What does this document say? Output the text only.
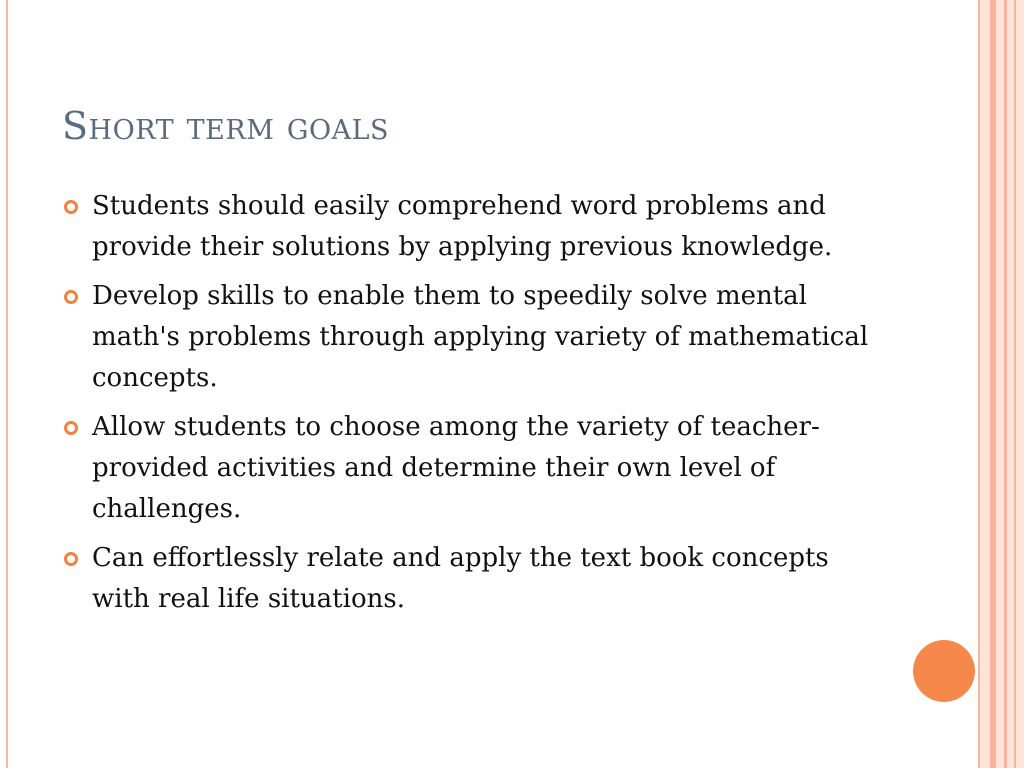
Short term goals
Students should easily comprehend word problems and provide their solutions by applying previous knowledge.
Develop skills to enable them to speedily solve mental math's problems through applying variety of mathematical concepts.
Allow students to choose among the variety of teacher-provided activities and determine their own level of challenges.
Can effortlessly relate and apply the text book concepts with real life situations.
